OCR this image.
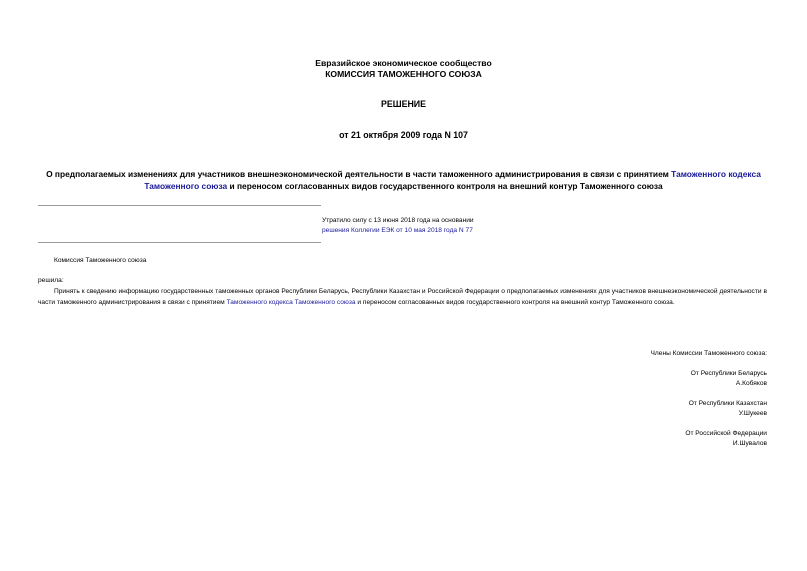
Евразийское экономическое сообщество
КОМИССИЯ ТАМОЖЕННОГО СОЮЗА
РЕШЕНИЕ
от 21 октября 2009 года N 107
О предполагаемых изменениях для участников внешнеэкономической деятельности в части таможенного администрирования в связи с принятием Таможенного кодекса Таможенного союза и переносом согласованных видов государственного контроля на внешний контур Таможенного союза
Утратило силу с 13 июня 2018 года на основании
решения Коллегии ЕЭК от 10 мая 2018 года N 77
Комиссия Таможенного союза
решила:
Принять к сведению информацию государственных таможенных органов Республики Беларусь, Республики Казахстан и Российской Федерации о предполагаемых изменениях для участников внешнеэкономической деятельности в части таможенного администрирования в связи с принятием Таможенного кодекса Таможенного союза и переносом согласованных видов государственного контроля на внешний контур Таможенного союза.
Члены Комиссии Таможенного союза:
От Республики Беларусь
А.Кобяков
От Республики Казахстан
У.Шукеев
От Российской Федерации
И.Шувалов
